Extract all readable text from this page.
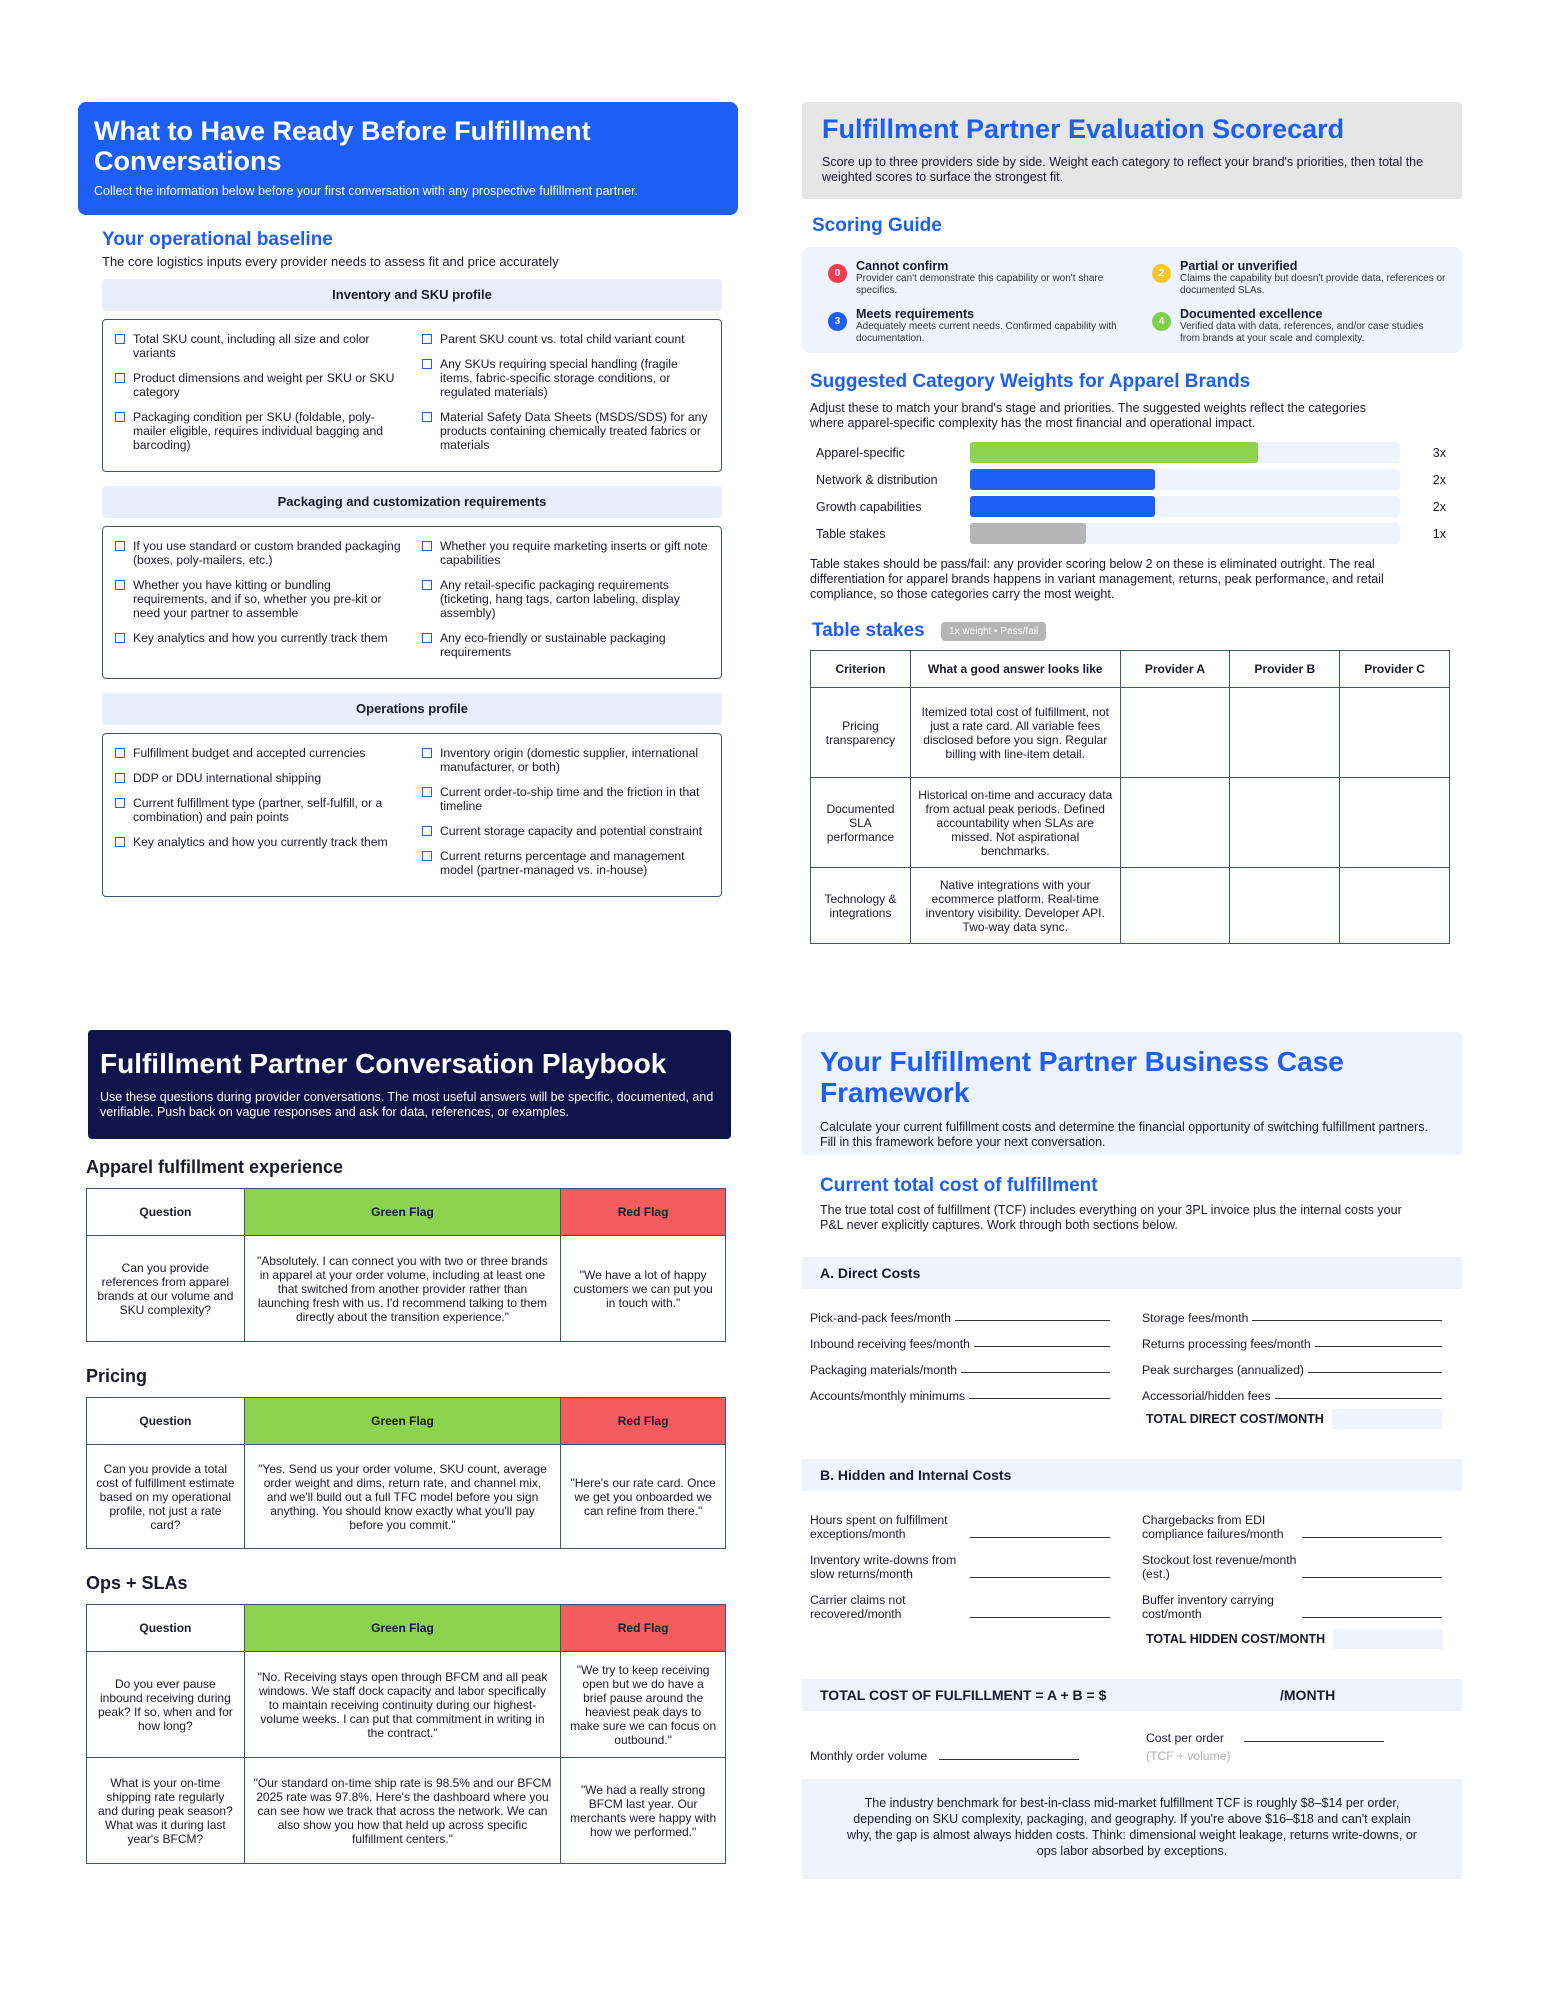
What to Have Ready Before Fulfillment Conversations

Collect the information below before your first conversation with any prospective fulfillment partner.

Your operational baseline
The core logistics inputs every provider needs to assess fit and price accurately
Inventory and SKU profile
Total SKU count, including all size and color variants
Product dimensions and weight per SKU or SKU category
Packaging condition per SKU (foldable, poly-mailer eligible, requires individual bagging and barcoding)
Parent SKU count vs. total child variant count
Any SKUs requiring special handling (fragile items, fabric-specific storage conditions, or regulated materials)
Material Safety Data Sheets (MSDS/SDS) for any products containing chemically treated fabrics or materials
Packaging and customization requirements
If you use standard or custom branded packaging (boxes, poly-mailers, etc.)
Whether you have kitting or bundling requirements, and if so, whether you pre-kit or need your partner to assemble
Key analytics and how you currently track them
Whether you require marketing inserts or gift note capabilities
Any retail-specific packaging requirements (ticketing, hang tags, carton labeling, display assembly)
Any eco-friendly or sustainable packaging requirements
Operations profile
Fulfillment budget and accepted currencies
DDP or DDU international shipping
Current fulfillment type (partner, self-fulfill, or a combination) and pain points
Key analytics and how you currently track them
Inventory origin (domestic supplier, international manufacturer, or both)
Current order-to-ship time and the friction in that timeline
Current storage capacity and potential constraint
Current returns percentage and management model (partner-managed vs. in-house)
Fulfillment Partner Evaluation Scorecard

Score up to three providers side by side. Weight each category to reflect your brand's priorities, then total the weighted scores to surface the strongest fit.

Scoring Guide
0
Cannot confirm
Provider can't demonstrate this capability or won't share specifics.
2
Partial or unverified
Claims the capability but doesn't provide data, references or documented SLAs.
3
Meets requirements
Adequately meets current needs. Confirmed capability with documentation.
4
Documented excellence
Verified data with data, references, and/or case studies from brands at your scale and complexity.
Suggested Category Weights for Apparel Brands
Adjust these to match your brand's stage and priorities. The suggested weights reflect the categories where apparel-specific complexity has the most financial and operational impact.
Apparel-specific	3x
Network & distribution	2x
Growth capabilities	2x
Table stakes	1x
Table stakes should be pass/fail: any provider scoring below 2 on these is eliminated outright. The real differentiation for apparel brands happens in variant management, returns, peak performance, and retail compliance, so those categories carry the most weight.
Table stakes 1x weight • Pass/fail
Criterion	What a good answer looks like	Provider A	Provider B	Provider C
Pricing transparency	Itemized total cost of fulfillment, not just a rate card. All variable fees disclosed before you sign. Regular billing with line-item detail.			
Documented SLA performance	Historical on-time and accuracy data from actual peak periods. Defined accountability when SLAs are missed. Not aspirational benchmarks.			
Technology & integrations	Native integrations with your ecommerce platform. Real-time inventory visibility. Developer API. Two-way data sync.			
Fulfillment Partner Conversation Playbook

Use these questions during provider conversations. The most useful answers will be specific, documented, and verifiable. Push back on vague responses and ask for data, references, or examples.

Apparel fulfillment experience
Question	Green Flag	Red Flag
Can you provide references from apparel brands at our volume and SKU complexity?	"Absolutely. I can connect you with two or three brands in apparel at your order volume, including at least one that switched from another provider rather than launching fresh with us. I'd recommend talking to them directly about the transition experience."	"We have a lot of happy customers we can put you in touch with."
Pricing
Question	Green Flag	Red Flag
Can you provide a total cost of fulfillment estimate based on my operational profile, not just a rate card?	"Yes. Send us your order volume, SKU count, average order weight and dims, return rate, and channel mix, and we'll build out a full TFC model before you sign anything. You should know exactly what you'll pay before you commit."	"Here's our rate card. Once we get you onboarded we can refine from there."
Ops + SLAs
Question	Green Flag	Red Flag
Do you ever pause inbound receiving during peak? If so, when and for how long?	"No. Receiving stays open through BFCM and all peak windows. We staff dock capacity and labor specifically to maintain receiving continuity during our highest-volume weeks. I can put that commitment in writing in the contract."	"We try to keep receiving open but we do have a brief pause around the heaviest peak days to make sure we can focus on outbound."
What is your on-time shipping rate regularly and during peak season? What was it during last year's BFCM?	"Our standard on-time ship rate is 98.5% and our BFCM 2025 rate was 97.8%. Here's the dashboard where you can see how we track that across the network. We can also show you how that held up across specific fulfillment centers."	"We had a really strong BFCM last year. Our merchants were happy with how we performed."
Your Fulfillment Partner Business Case Framework

Calculate your current fulfillment costs and determine the financial opportunity of switching fulfillment partners. Fill in this framework before your next conversation.

Current total cost of fulfillment
The true total cost of fulfillment (TCF) includes everything on your 3PL invoice plus the internal costs your P&L never explicitly captures. Work through both sections below.
A. Direct Costs
Pick-and-pack fees/month
Inbound receiving fees/month
Packaging materials/month
Accounts/monthly minimums
Storage fees/month
Returns processing fees/month
Peak surcharges (annualized)
Accessorial/hidden fees
TOTAL DIRECT COST/MONTH
B. Hidden and Internal Costs
Hours spent on fulfillment exceptions/month
Inventory write-downs from slow returns/month
Carrier claims not recovered/month
Chargebacks from EDI compliance failures/month
Stockout lost revenue/month (est.)
Buffer inventory carrying cost/month
TOTAL HIDDEN COST/MONTH
TOTAL COST OF FULFILLMENT = A + B = $	/MONTH
Monthly order volume
Cost per order
(TCF ÷ volume)
The industry benchmark for best-in-class mid-market fulfillment TCF is roughly $8–$14 per order, depending on SKU complexity, packaging, and geography. If you're above $16–$18 and can't explain why, the gap is almost always hidden costs. Think: dimensional weight leakage, returns write-downs, or ops labor absorbed by exceptions.
